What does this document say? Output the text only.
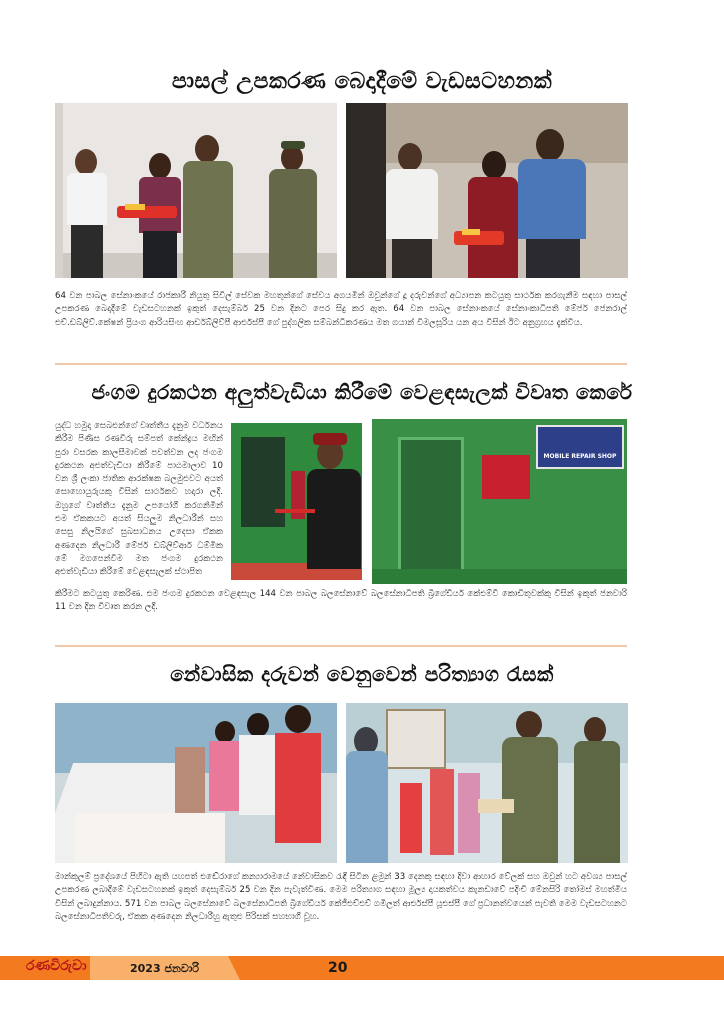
පාසල් උපකරණ බෙදාදීමේ වැඩසටහනක්
64 වන පාබල සේනාංකයේ රාජකාරී නියුතු සිවිල් සේවක මහතුන්ගේ සේවය අගයමින් ඔවුන්ගේ දූ දරුවන්ගේ අධ්‍යාපන කටයුතු සාර්ථක කරගැනීම සඳහා පාසල් උපකරණ බෙදාදීමේ වැඩසටහනක් ඉකුත් දෙසැම්බර් 25 වන දිනට පෙර සිදු කර ඇත. 64 වන පාබල සේනාංකයේ සේනාංකාධිපති මේජර් ජෙනරාල් එච්.ඩබ්ලිව්.කේෂන් ප්‍රියංග ආරියසිංහ ආර්ඩබ්ලිව්පී ආර්එස්පී ගේ පුද්ගලික සම්බන්ධීකරණය මත ගයාන් විමලසූරිය යන අය විසින් ඊට අනුග්‍රහය දැක්විය.
ජංගම දුරකථන අලුත්වැඩියා කිරීමේ වෙළඳසැලක් විවෘත කෙරේ
යුද්ධ හමුදා සෙබළුන්ගේ වෘත්තීය දැනුම වර්ධනය කිරීම පිණිස රණවිරු සම්පත් කේන්ද්‍රය මඟින් පුරා වසරක කාලසීමාවක් පවත්වන ලද ජංගම දුරකථන අළුත්වැඩියා කිරීමේ පාඨමාලාව 10 වන ශ්‍රී ලංකා ජාතික ආරක්ෂක බලමුළුවට අයත් සොහොයුරුයකු විසින් සාර්ථකව හදාරා ලදී. ඔහුගේ වෘත්තීය දැනුම උපයෝගී කරගනිමින් එම ඒකකයට අයත් සියලුම නිලධාරීන් සහ සෙසු නිලයිගේ සුබසාධනය උදෙසා ඒකක අණදෙන නිලධාරී මේජර් ඩබ්ලිව්ආර් ධම්මික මේ මගපෙන්වීම මත ජංගම දුරකථන අළුත්වැඩියා කිරීමේ වෙළඳසැලක් ස්ථාපිත
MOBILE REPAIR SHOP
නේවාසික දරුවන් වෙනුවෙන් පරිත්‍යාග රැසක්
මාන්කුලම් ප්‍රදේශයේ පිහිටා ඇති යහපත් එඬේරාගේ කන්‍යාරාමයේ නේවාසිකව රැඳී සිටින ළමුන් 33 දෙනකු සඳහා දිවා ආහාර වේලක් සහ ඔවුන් හට අවශ්‍ය පාසල් උපකරණ ලබාදීමේ වැඩසටහනක් ඉකුත් දෙසැම්බර් 25 වන දින පැවැත්විණ. මෙම පරිත්‍යාග සඳහා මූල්‍ය දායකත්වය කැනඩාවේ පදිංචි මේනසිරි තෝමස් මහත්මිය විසින් ලබාදුන්නාය. 571 වන පාබල බලසේනාවේ බලසේනාධිපති බ්‍රිගේඩියර් කේජීඑච්එච් ගමිලත් ආර්එස්පී යූඑස්පී ගේ ප්‍රධානත්වයෙන් පැවති මෙම වැඩසටහනට බලසේනාධිපතිවරු, ඒකක අණදෙන නිලධාරීහු ඇතුළු පිරිසක් සහභාගී වූහ.
රණවිරුවා	2023 ජනවාරි	20
කිරීමට කටයුතු කෙරිණ. එම ජංගම දුරකථන වෙළඳසැල 144 වන පාබල බලසේනාවේ බලසේනාධිපති බ්‍රිගේඩියර් කේඑම්වී කොඩිතුවක්කු විසින් ඉකුත් ජනවාරි 11 වන දින විවෘත කරන ලදී.
